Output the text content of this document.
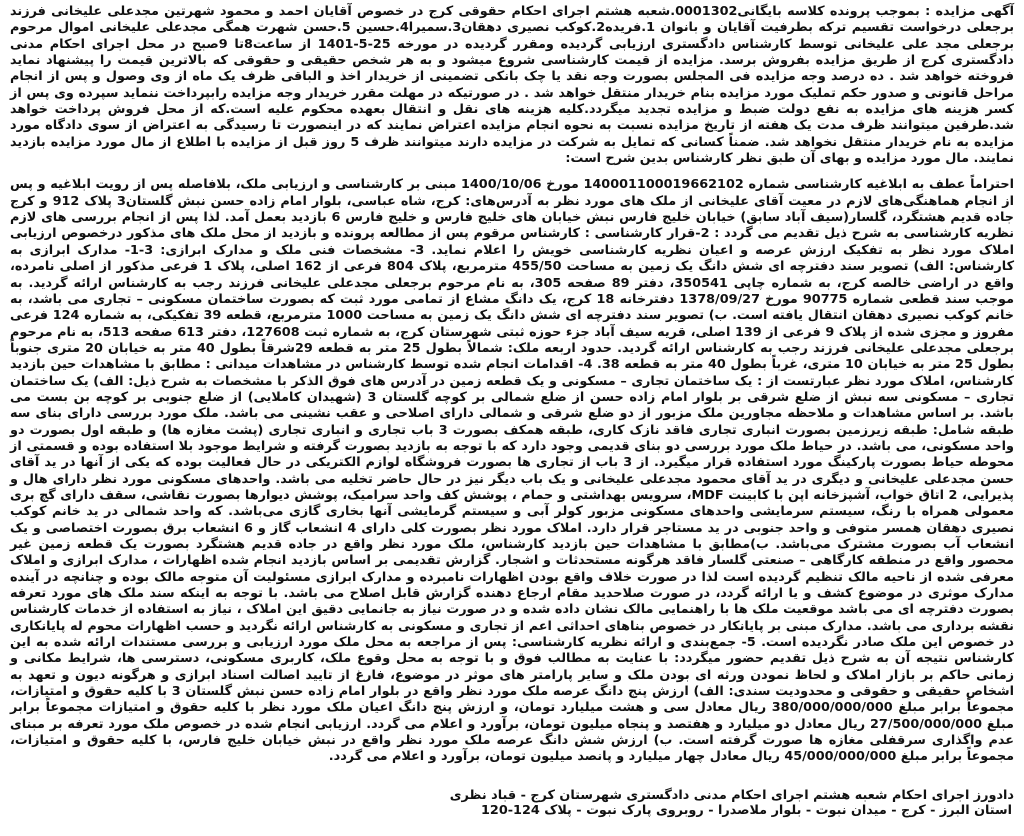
آگهی مزایده : بموجب پرونده کلاسه بایگانی0001302.شعبه هشتم اجرای احکام حقوقی کرج در خصوص آقایان احمد و محمود شهرتین مجدعلی علیخانی فرزند برجعلی درخواست تقسیم ترکه بطرفیت آقایان و بانوان 1.فریده2.کوکب نصیری دهقان3.سمیرا4.حسین 5.حسن شهرت همگی مجدعلی علیخانی اموال مرحوم برجعلی مجد علی علیخانی توسط کارشناس دادگستری ارزیابی گردیده ومقرر گردیده در مورخه 25-5-1401 از ساعت8تا 9صبح در محل اجرای احکام مدنی دادگستری کرج از طریق مزایده بفروش برسد. مزایده از قیمت کارشناسی شروع میشود و به هر شخص حقیقی و حقوقی که بالاترین قیمت را پیشنهاد نماید فروخته خواهد شد . ده درصد وجه مزایده فی المجلس بصورت وجه نقد یا چک بانکی تضمینی از خریدار اخذ و الباقی ظرف یک ماه از وی وصول و پس از انجام مراحل قانونی و صدور حکم تملیک مورد مزایده بنام خریدار منتقل خواهد شد . در صورتیکه در مهلت مقرر خریدار وجه مزایده رابپرداخت ننماید سپرده وی پس از کسر هزینه های مزایده به نفع دولت ضبط و مزایده تجدید میگردد.کلیه هزینه های نقل و انتقال بعهده محکوم علیه است.که از محل فروش پرداخت خواهد شد.طرفین میتوانند ظرف مدت یک هفته از تاریخ مزایده نسبت به نحوه انجام مزایده اعتراض نمایند که در اینصورت تا رسیدگی به اعتراض از سوی دادگاه مورد مزایده به نام خریدار منتقل نخواهد شد. ضمناً کسانی که تمایل به شرکت در مزایده دارند میتوانند ظرف 5 روز قبل از مزایده با اطلاع از مال مورد مزایده بازدید نمایند. مال مورد مزایده و بهای آن طبق نظر کارشناس بدین شرح است:

احتراماً عطف به ابلاغیه کارشناسی شماره 140001100019662102 مورخ 1400/10/06 مبنی بر کارشناسی و ارزیابی ملک، بلافاصله پس از رویت ابلاغیه و پس از انجام هماهنگی‌های لازم در معیت آقای علیخانی از ملک های مورد نظر به آدرس‌های: کرج، شاه عباسی، بلوار امام زاده حسن نبش گلستان3 پلاک 912 و کرج جاده قدیم هشتگرد، گلسار(سیف آباد سابق) خیابان خلیج فارس نبش خیابان های خلیج فارس و خلیج فارس 6 بازدید بعمل آمد. لذا پس از انجام بررسی های لازم نظریه کارشناسی به شرح ذیل تقدیم می گردد : 2-قرار کارشناسی : کارشناس مرقوم پس از مطالعه پرونده و بازدید از محل ملک های مذکور درخصوص ارزیابی املاک مورد نظر به تفکیک ارزش عرصه و اعیان نظریه کارشناسی خویش را اعلام نماید. 3- مشخصات فنی ملک و مدارک ابرازی: 3-1- مدارک ابرازی به کارشناس: الف) تصویر سند دفترچه ای شش دانگ یک زمین به مساحت 455/50 مترمربع، پلاک 804 فرعی از 162 اصلی، پلاک 1 فرعی مذکور از اصلی نامرده، واقع در اراضی خالصه کرج، به شماره چاپی 350541، دفتر 89 صفحه 305، به نام مرحوم برجعلی مجدعلی علیخانی فرزند رجب به کارشناس ارائه گردید. به موجب سند قطعی شماره 90775 مورخ 1378/09/27 دفترخانه 18 کرج، یک دانگ مشاع از تمامی مورد ثبت که بصورت ساختمان مسکونی – تجاری می باشد، به خانم کوکب نصیری دهقان انتقال یافته است. ب) تصویر سند دفترچه ای شش دانگ یک زمین به مساحت 1000 مترمربع، قطعه 39 تفکیکی، به شماره 124 فرعی مفروز و مجزی شده از پلاک 9 فرعی از 139 اصلی، قریه سیف آباد جزء حوزه ثبتی شهرستان کرج، به شماره ثبت 127608، دفتر 613 صفحه 513، به نام مرحوم برجعلی مجدعلی علیخانی فرزند رجب به کارشناس ارائه گردید. حدود اربعه ملک: شمالاً بطول 25 متر به قطعه 29شرقاً بطول 40 متر به خیابان 20 متری جنوباً بطول 25 متر به خیابان 10 متری، غرباً بطول 40 متر به قطعه 38. 4- اقدامات انجام شده توسط کارشناس در مشاهدات میدانی : مطابق با مشاهدات حین بازدید کارشناس، املاک مورد نظر عبارتست از : یک ساختمان تجاری – مسکونی و یک قطعه زمین در آدرس های فوق الذکر با مشخصات به شرح ذیل: الف) یک ساختمان تجاری – مسکونی سه نبش از ضلع شرقی بر بلوار امام زاده حسن از ضلع شمالی بر کوچه گلستان 3 (شهیدان کاملایی) از ضلع جنوبی بر کوچه بن بست می باشد. بر اساس مشاهدات و ملاحظه مجاورین ملک مزبور از دو ضلع شرقی و شمالی دارای اصلاحی و عقب نشینی می باشد. ملک مورد بررسی دارای بنای سه طبقه شامل: طبقه زیرزمین بصورت انباری تجاری فاقد نازک کاری، طبقه همکف بصورت 3 باب تجاری و انباری تجاری (پشت مغازه ها) و طبقه اول بصورت دو واحد مسکونی، می باشد. در حیاط ملک مورد بررسی دو بنای قدیمی وجود دارد که با توجه به بازدید بصورت گرفته و شرایط موجود بلا استفاده بوده و قسمتی از محوطه حیاط بصورت پارکینگ مورد استفاده قرار میگیرد. از 3 باب از تجاری ها بصورت فروشگاه لوازم الکتریکی در حال فعالیت بوده که یکی از آنها در ید آقای حسن مجدعلی علیخانی و دیگری در ید آقای محمود مجدعلی علیخانی و یک باب دیگر نیز در حال حاضر تخلیه می باشد. واحدهای مسکونی مورد نظر دارای هال و پذیرایی، 2 اتاق خواب، آشپزخانه اپن با کابینت MDF، سرویس بهداشتی و حمام ، پوشش کف واحد سرامیک، پوشش دیوارها بصورت نقاشی، سقف دارای گچ بری معمولی همراه با رنگ، سیستم سرمایشی واحدهای مسکونی مزبور کولر آبی و سیستم گرمایشی آنها بخاری گازی می‌باشد. که واحد شمالی در ید خانم کوکب نصیری دهقان همسر متوفی و واحد جنوبی در ید مستاجر قرار دارد. املاک مورد نظر بصورت کلی دارای 4 انشعاب گاز و 6 انشعاب برق بصورت اختصاصی و یک انشعاب آب بصورت مشترک می‌باشد. ب)مطابق با مشاهدات حین بازدید کارشناس، ملک مورد نظر واقع در جاده قدیم هشتگرد بصورت یک قطعه زمین غیر محصور واقع در منطقه کارگاهی – صنعتی گلسار فاقد هرگونه مستحدثات و اشجار. گزارش تقدیمی بر اساس بازدید انجام شده اظهارات ، مدارک ابرازی و املاک معرفی شده از ناحیه مالک تنظیم گردیده است لذا در صورت خلاف واقع بودن اظهارات نامبرده و مدارک ابرازی مسئولیت آن متوجه مالک بوده و چنانچه در آینده مدارک موثری در موضوع کشف و یا ارائه گردد، در صورت صلاحدید مقام ارجاع دهنده گزارش قابل اصلاح می باشد. با توجه به اینکه سند ملک های مورد تعرفه بصورت دفترچه ای می باشد موقعیت ملک ها با راهنمایی مالک نشان داده شده و در صورت نیاز به جانمایی دقیق این املاک ، نیاز به استفاده از خدمات کارشناس نقشه برداری می باشد. مدارک مبنی بر پایانکار در خصوص بناهای احداثی اعم از تجاری و مسکونی به کارشناس ارائه نگردید و حسب اظهارات محوم له پایانکاری در خصوص این ملک صادر نگردیده است. 5- جمع‌بندی و ارائه نظریه کارشناسی: پس از مراجعه به محل ملک مورد ارزیابی و بررسی مستندات ارائه شده به این کارشناس نتیجه آن به شرح ذیل تقدیم حضور میگردد: با عنایت به مطالب فوق و با توجه به محل وقوع ملک، کاربری مسکونی، دسترسی ها، شرایط مکانی و زمانی حاکم بر بازار املاک و لحاظ نمودن ورثه ای بودن ملک و سایر پارامتر های موثر در موضوع، فارغ از تایید اصالت اسناد ابرازی و هرگونه دیون و تعهد به اشخاص حقیقی و حقوقی و محدودیت سندی: الف) ارزش پنج دانگ عرصه ملک مورد نظر واقع در بلوار امام زاده حسن نبش گلستان 3 با کلیه حقوق و امتیازات، مجموعاً برابر مبلغ 380/000/000/000 ریال معادل سی و هشت میلیارد تومان، و ارزش پنج دانگ اعیان ملک مورد نظر با کلیه حقوق و امتیازات مجموعاً برابر مبلغ 27/500/000/000 ریال معادل دو میلیارد و هفتصد و پنجاه میلیون تومان، برآورد و اعلام می گردد. ارزیابی انجام شده در خصوص ملک مورد تعرفه بر مبنای عدم واگذاری سرقفلی مغازه ها صورت گرفته است. ب) ارزش شش دانگ عرصه ملک مورد نظر واقع در نبش خیابان خلیج فارس، با کلیه حقوق و امتیازات، مجموعاً برابر مبلغ 45/000/000/000 ریال معادل چهار میلیارد و پانصد میلیون تومان، برآورد و اعلام می گردد.

دادورز اجرای احکام شعبه هشتم اجرای احکام مدنی دادگستری شهرستان کرج - قباد نظری

استان البرز - کرج - میدان نبوت - بلوار ملاصدرا - روبروی پارک نبوت - پلاک 124-120
